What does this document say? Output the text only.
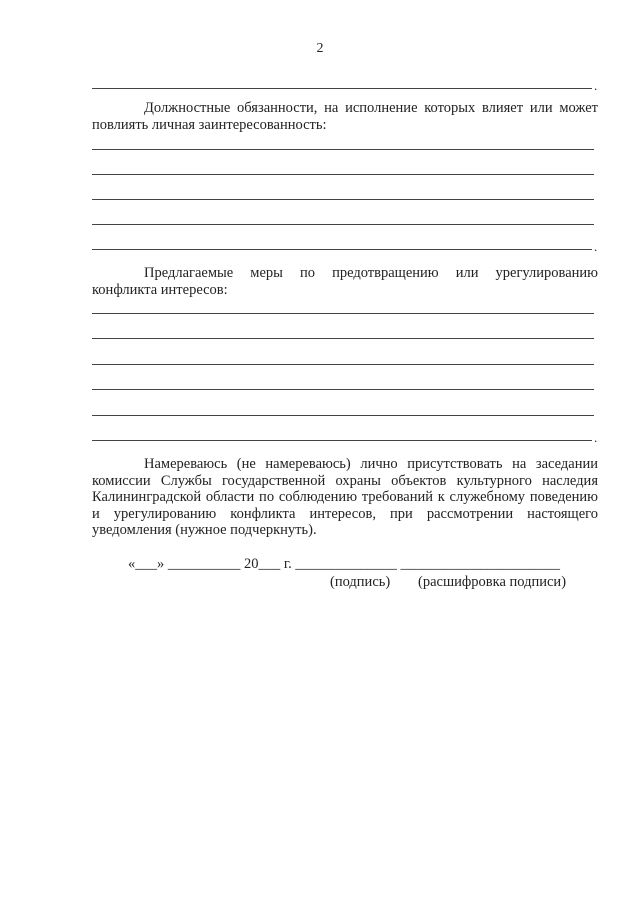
2
.
Должностные обязанности, на исполнение которых влияет или может повлиять личная заинтересованность:
.
Предлагаемые меры по предотвращению или урегулированию конфликта интересов:
.
Намереваюсь (не намереваюсь) лично присутствовать на заседании комиссии Службы государственной охраны объектов культурного наследия Калининградской области по соблюдению требований к служебному поведению и урегулированию конфликта интересов, при рассмотрении настоящего уведомления (нужное подчеркнуть).
«___» __________ 20___ г. ______________ ______________________
(подпись) (расшифровка подписи)
